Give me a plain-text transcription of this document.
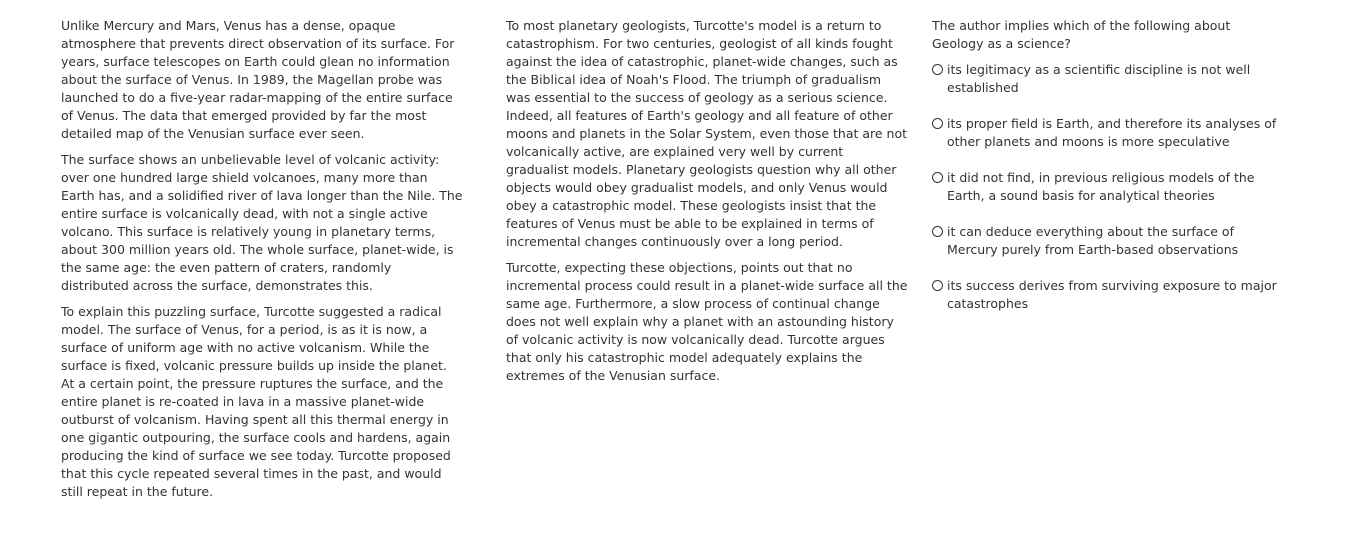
Unlike Mercury and Mars, Venus has a dense, opaque atmosphere that prevents direct observation of its surface. For years, surface telescopes on Earth could glean no information about the surface of Venus. In 1989, the Magellan probe was launched to do a five-year radar-mapping of the entire surface of Venus. The data that emerged provided by far the most detailed map of the Venusian surface ever seen.

The surface shows an unbelievable level of volcanic activity: over one hundred large shield volcanoes, many more than Earth has, and a solidified river of lava longer than the Nile. The entire surface is volcanically dead, with not a single active volcano. This surface is relatively young in planetary terms, about 300 million years old. The whole surface, planet-wide, is the same age: the even pattern of craters, randomly distributed across the surface, demonstrates this.

To explain this puzzling surface, Turcotte suggested a radical model. The surface of Venus, for a period, is as it is now, a surface of uniform age with no active volcanism. While the surface is fixed, volcanic pressure builds up inside the planet. At a certain point, the pressure ruptures the surface, and the entire planet is re-coated in lava in a massive planet-wide outburst of volcanism. Having spent all this thermal energy in one gigantic outpouring, the surface cools and hardens, again producing the kind of surface we see today. Turcotte proposed that this cycle repeated several times in the past, and would still repeat in the future.

To most planetary geologists, Turcotte's model is a return to catastrophism. For two centuries, geologist of all kinds fought against the idea of catastrophic, planet-wide changes, such as the Biblical idea of Noah's Flood. The triumph of gradualism was essential to the success of geology as a serious science. Indeed, all features of Earth's geology and all feature of other moons and planets in the Solar System, even those that are not volcanically active, are explained very well by current gradualist models. Planetary geologists question why all other objects would obey gradualist models, and only Venus would obey a catastrophic model. These geologists insist that the features of Venus must be able to be explained in terms of incremental changes continuously over a long period.

Turcotte, expecting these objections, points out that no incremental process could result in a planet-wide surface all the same age. Furthermore, a slow process of continual change does not well explain why a planet with an astounding history of volcanic activity is now volcanically dead. Turcotte argues that only his catastrophic model adequately explains the extremes of the Venusian surface.

The author implies which of the following about Geology as a science?
its legitimacy as a scientific discipline is not well established
its proper field is Earth, and therefore its analyses of other planets and moons is more speculative
it did not find, in previous religious models of the Earth, a sound basis for analytical theories
it can deduce everything about the surface of Mercury purely from Earth-based observations
its success derives from surviving exposure to major catastrophes
